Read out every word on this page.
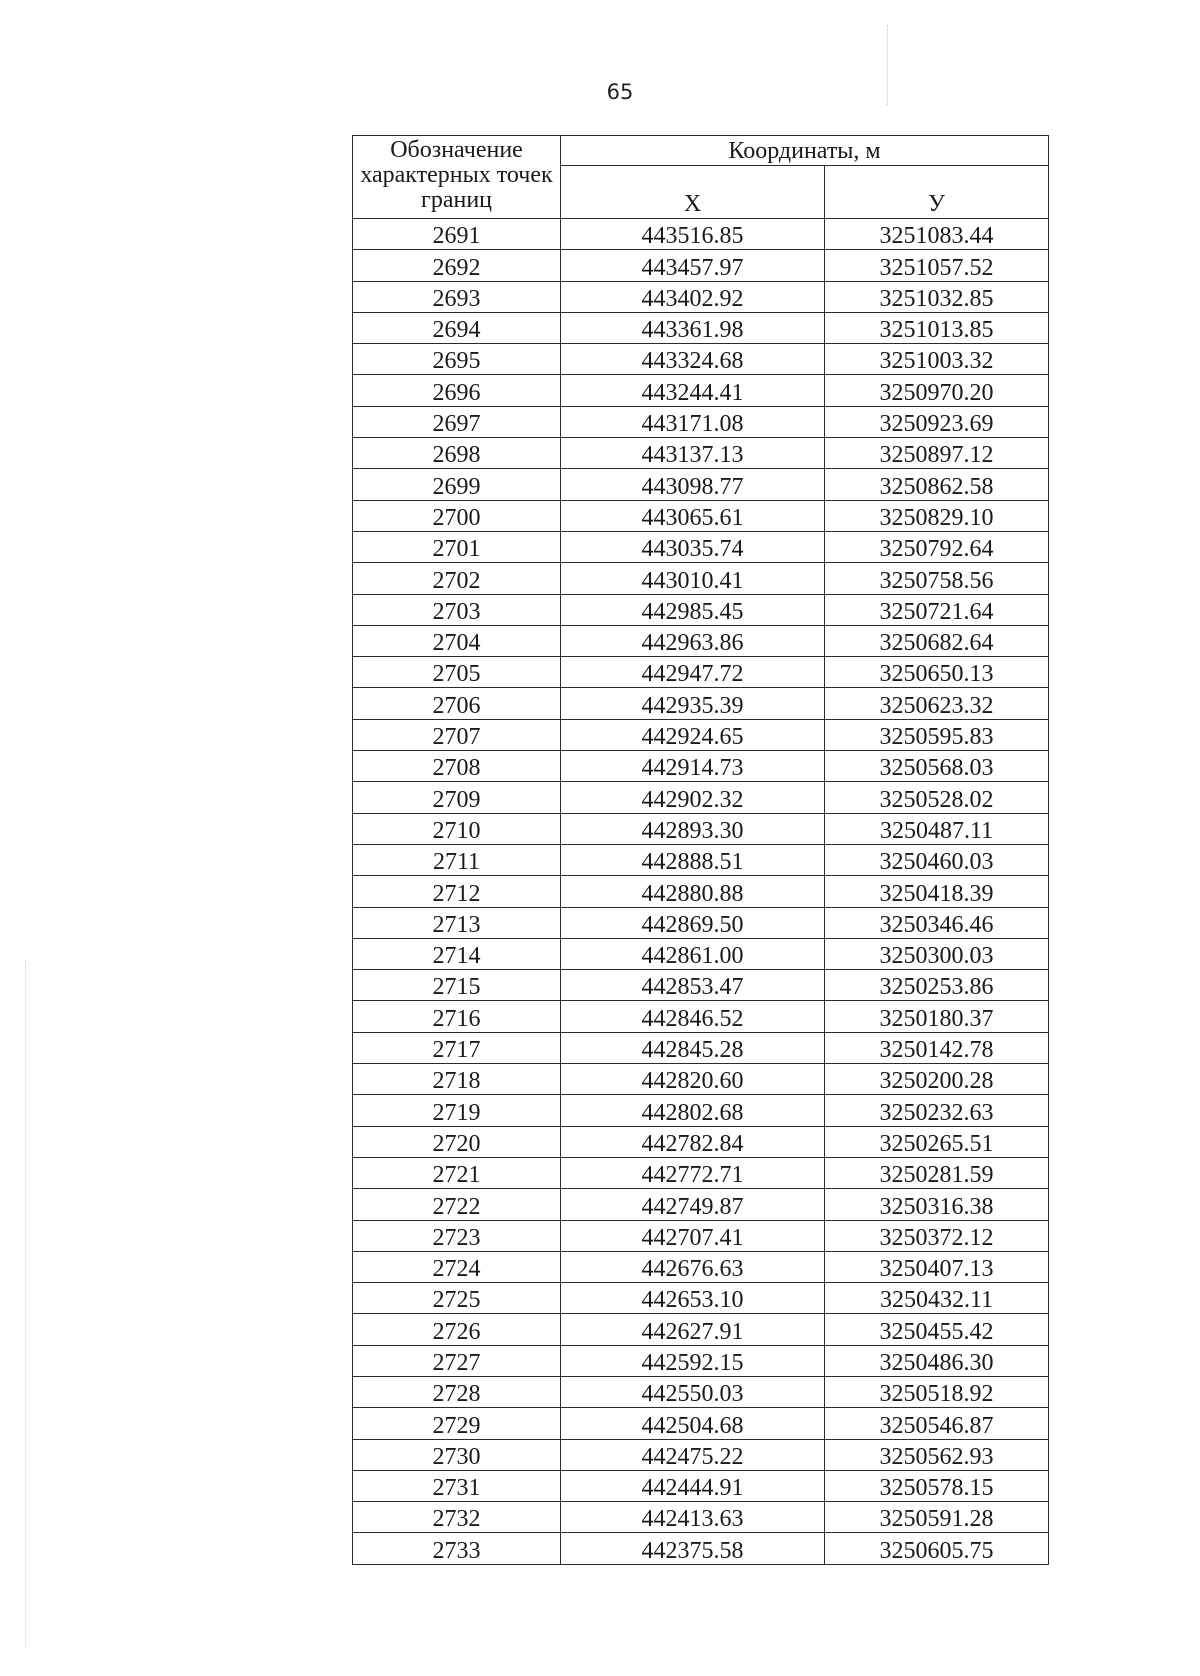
65
Обозначение характерных точек границ	Координаты, м	
	X	У
2691	443516.85	3251083.44
2692	443457.97	3251057.52
2693	443402.92	3251032.85
2694	443361.98	3251013.85
2695	443324.68	3251003.32
2696	443244.41	3250970.20
2697	443171.08	3250923.69
2698	443137.13	3250897.12
2699	443098.77	3250862.58
2700	443065.61	3250829.10
2701	443035.74	3250792.64
2702	443010.41	3250758.56
2703	442985.45	3250721.64
2704	442963.86	3250682.64
2705	442947.72	3250650.13
2706	442935.39	3250623.32
2707	442924.65	3250595.83
2708	442914.73	3250568.03
2709	442902.32	3250528.02
2710	442893.30	3250487.11
2711	442888.51	3250460.03
2712	442880.88	3250418.39
2713	442869.50	3250346.46
2714	442861.00	3250300.03
2715	442853.47	3250253.86
2716	442846.52	3250180.37
2717	442845.28	3250142.78
2718	442820.60	3250200.28
2719	442802.68	3250232.63
2720	442782.84	3250265.51
2721	442772.71	3250281.59
2722	442749.87	3250316.38
2723	442707.41	3250372.12
2724	442676.63	3250407.13
2725	442653.10	3250432.11
2726	442627.91	3250455.42
2727	442592.15	3250486.30
2728	442550.03	3250518.92
2729	442504.68	3250546.87
2730	442475.22	3250562.93
2731	442444.91	3250578.15
2732	442413.63	3250591.28
2733	442375.58	3250605.75
